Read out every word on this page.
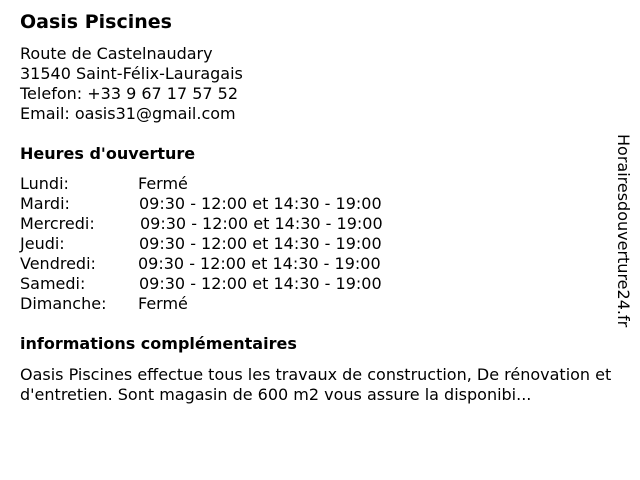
Oasis Piscines
Route de Castelnaudary
31540 Saint-Félix-Lauragais
Telefon: +33 9 67 17 57 52
Email: oasis31@gmail.com
Heures d'ouverture
Lundi:	Fermé
Mardi:	09:30 - 12:00 et 14:30 - 19:00
Mercredi:	09:30 - 12:00 et 14:30 - 19:00
Jeudi:	09:30 - 12:00 et 14:30 - 19:00
Vendredi:	09:30 - 12:00 et 14:30 - 19:00
Samedi:	09:30 - 12:00 et 14:30 - 19:00
Dimanche: Fermé
informations complémentaires
Oasis Piscines effectue tous les travaux de construction, De rénovation et d'entretien. Sont magasin de 600 m2 vous assure la disponibi...
Horairesdouverture24.fr
